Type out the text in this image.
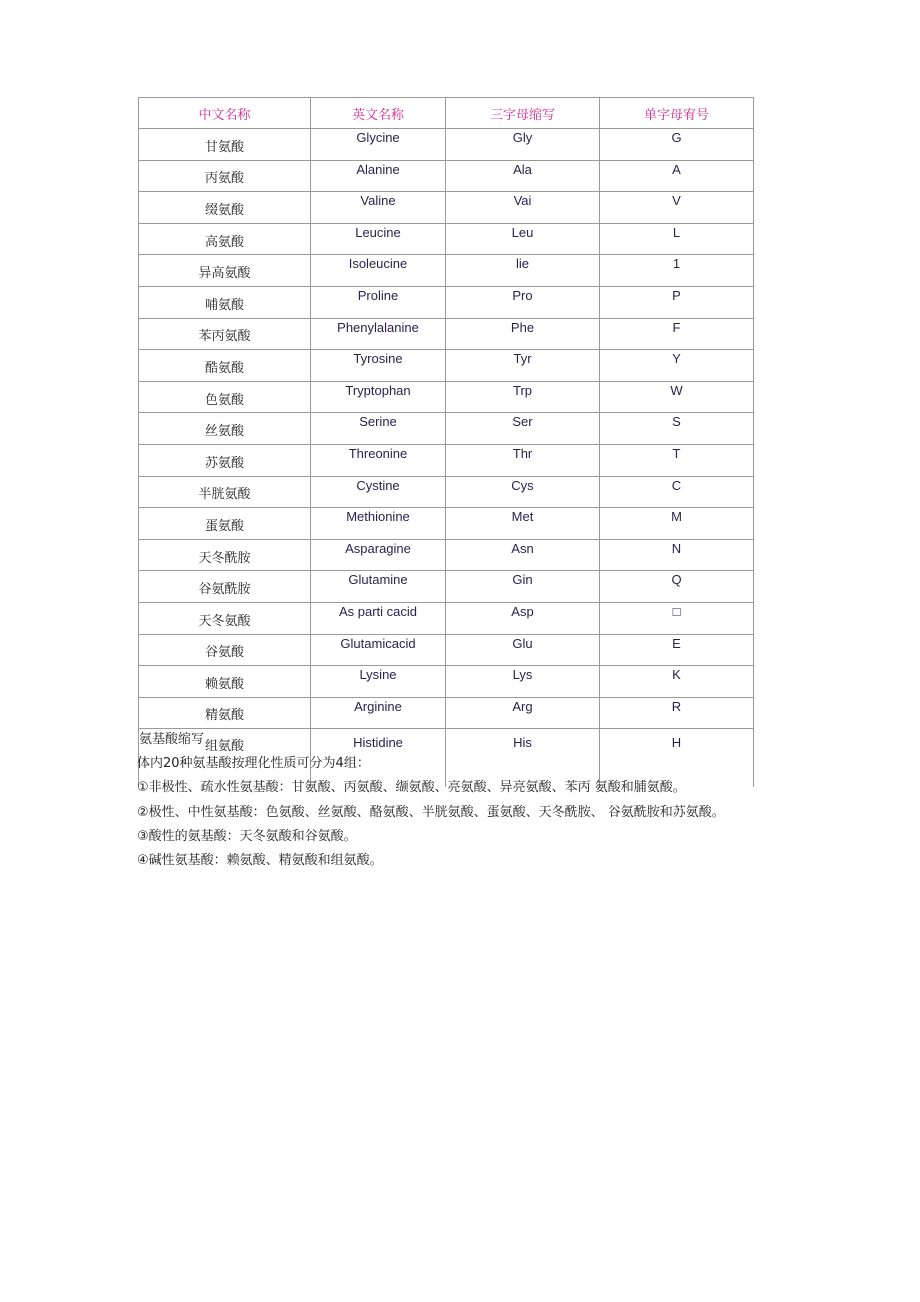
中文名称	英文名称	三字母缩写	单字母宥号
甘氨酸	Glycine	Gly	G
丙氨酸	Alanine	Ala	A
缀氨酸	Valine	Vai	V
高氨酸	Leucine	Leu	L
异高氨酸	Isoleucine	lie	1
哺氨酸	Proline	Pro	P
苯丙氨酸	Phenylalanine	Phe	F
酷氨酸	Tyrosine	Tyr	Y
色氨酸	Tryptophan	Trp	W
丝氨酸	Serine	Ser	S
苏氨酸	Threonine	Thr	T
半胱氨酸	Cystine	Cys	C
蛋氨酸	Methionine	Met	M
天冬酰胺	Asparagine	Asn	N
谷氨酰胺	Glutamine	Gin	Q
天冬氨酸	As parti cacid	Asp	□
谷氨酸	Glutamicacid	Glu	E
赖氨酸	Lysine	Lys	K
精氨酸	Arginine	Arg	R
组氨酸	Histidine	His	H
氨基酸缩写

体内20种氨基酸按理化性质可分为4组：

①非极性、疏水性氨基酸：甘氨酸、丙氨酸、缬氨酸、亮氨酸、异亮氨酸、苯丙 氨酸和脯氨酸。

②极性、中性氨基酸：色氨酸、丝氨酸、酪氨酸、半胱氨酸、蛋氨酸、天冬酰胺、 谷氨酰胺和苏氨酸。

③酸性的氨基酸：天冬氨酸和谷氨酸。

④碱性氨基酸：赖氨酸、精氨酸和组氨酸。
